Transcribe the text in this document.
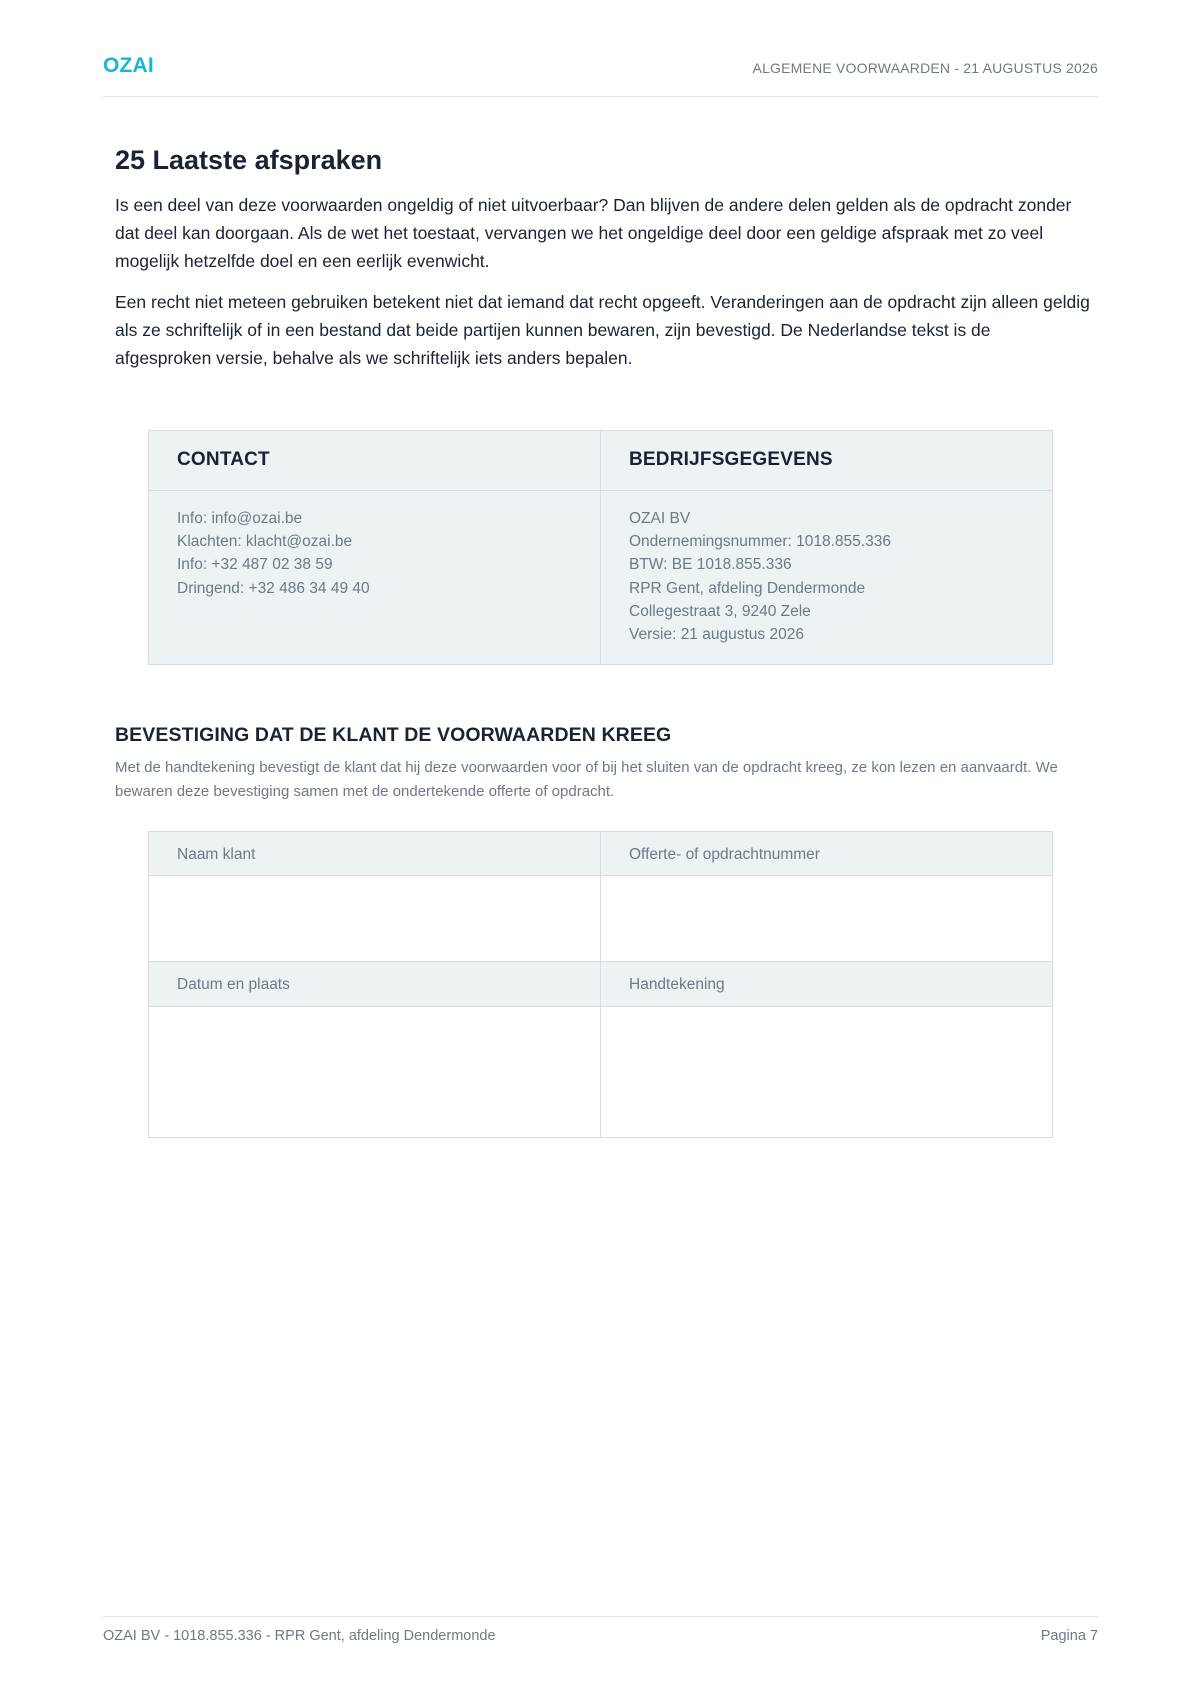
OZAI	ALGEMENE VOORWAARDEN - 21 AUGUSTUS 2026
25 Laatste afspraken

Is een deel van deze voorwaarden ongeldig of niet uitvoerbaar? Dan blijven de andere delen gelden als de opdracht zonder dat deel kan doorgaan. Als de wet het toestaat, vervangen we het ongeldige deel door een geldige afspraak met zo veel mogelijk hetzelfde doel en een eerlijk evenwicht.

Een recht niet meteen gebruiken betekent niet dat iemand dat recht opgeeft. Veranderingen aan de opdracht zijn alleen geldig als ze schriftelijk of in een bestand dat beide partijen kunnen bewaren, zijn bevestigd. De Nederlandse tekst is de afgesproken versie, behalve als we schriftelijk iets anders bepalen.

CONTACT
Info: info@ozai.be
Klachten: klacht@ozai.be
Info: +32 487 02 38 59
Dringend: +32 486 34 49 40
BEDRIJFSGEGEVENS
OZAI BV
Ondernemingsnummer: 1018.855.336
BTW: BE 1018.855.336
RPR Gent, afdeling Dendermonde
Collegestraat 3, 9240 Zele
Versie: 21 augustus 2026
BEVESTIGING DAT DE KLANT DE VOORWAARDEN KREEG

Met de handtekening bevestigt de klant dat hij deze voorwaarden voor of bij het sluiten van de opdracht kreeg, ze kon lezen en aanvaardt. We bewaren deze bevestiging samen met de ondertekende offerte of opdracht.

Naam klant	Offerte- of opdrachtnummer
Datum en plaats	Handtekening
OZAI BV - 1018.855.336 - RPR Gent, afdeling Dendermonde	Pagina 7
